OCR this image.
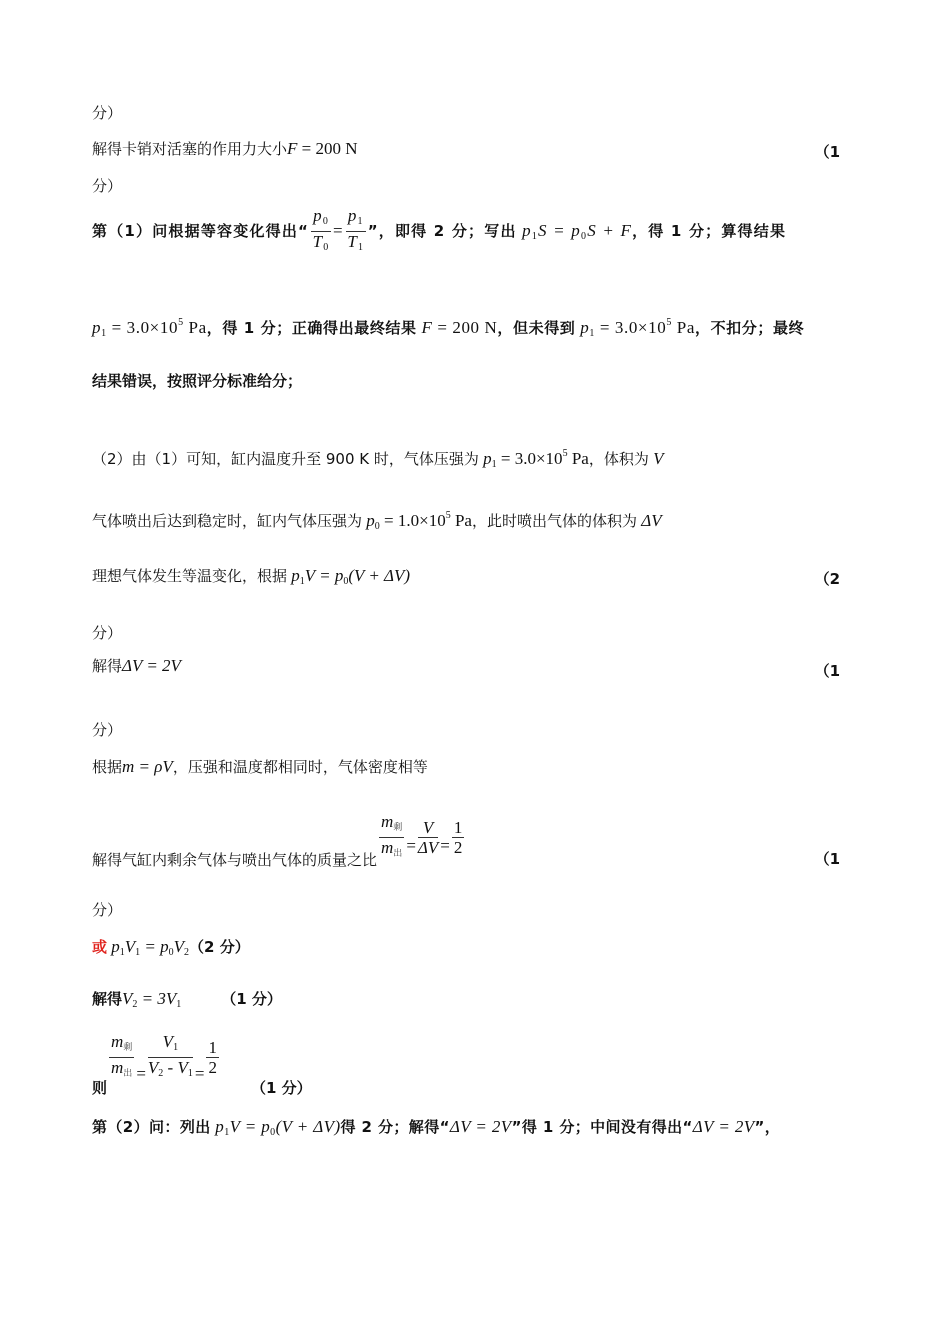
分）
解得卡销对活塞的作用力大小F = 200 N	（1
分）
第（1）问根据等容变化得出“ $\frac{p_0}{T_0} = \frac{p_1}{T_1}$ ”，即得 2 分；写出 $p_1S = p_0S + F$，得 1 分；算得结果
$p_1 = 3.0\times 10^5$ Pa，得 1 分；正确得出最终结果 F = 200 N，但未得到 $p_1 = 3.0\times 10^5$ Pa，不扣分；最终
结果错误，按照评分标准给分；
（2）由（1）可知，缸内温度升至 900 K 时，气体压强为 $p_1 = 3.0\times 10^5$ Pa，体积为 V
气体喷出后达到稳定时，缸内气体压强为 $p_0 = 1.0\times 10^5$ Pa，此时喷出气体的体积为 ΔV
理想气体发生等温变化，根据 $p_1V = p_0(V + \Delta V)$	（2
分）
解得ΔV = 2V	（1
分）
根据m = ρV，压强和温度都相同时，气体密度相等
解得气缸内剩余气体与喷出气体的质量之比 $\frac{\text{m剩}}{\text{m出}} = \frac{V}{\Delta V} = \frac{1}{2}$
（1
分）
或 $p_1V_1 = p_0V_2(2$ 分）
解得$V_2 = 3V_1$	（1 分）
则
$\frac{\text{m剩}}{\text{m出}} = \frac{V_1}{V_2 - V_1} = \frac{1}{2}$
（1 分）
第（2）问：列出 $p_1V = p_0(V + \Delta V)$得 2 分；解得“ΔV = 2V”得 1 分；中间没有得出“ΔV = 2V”，
